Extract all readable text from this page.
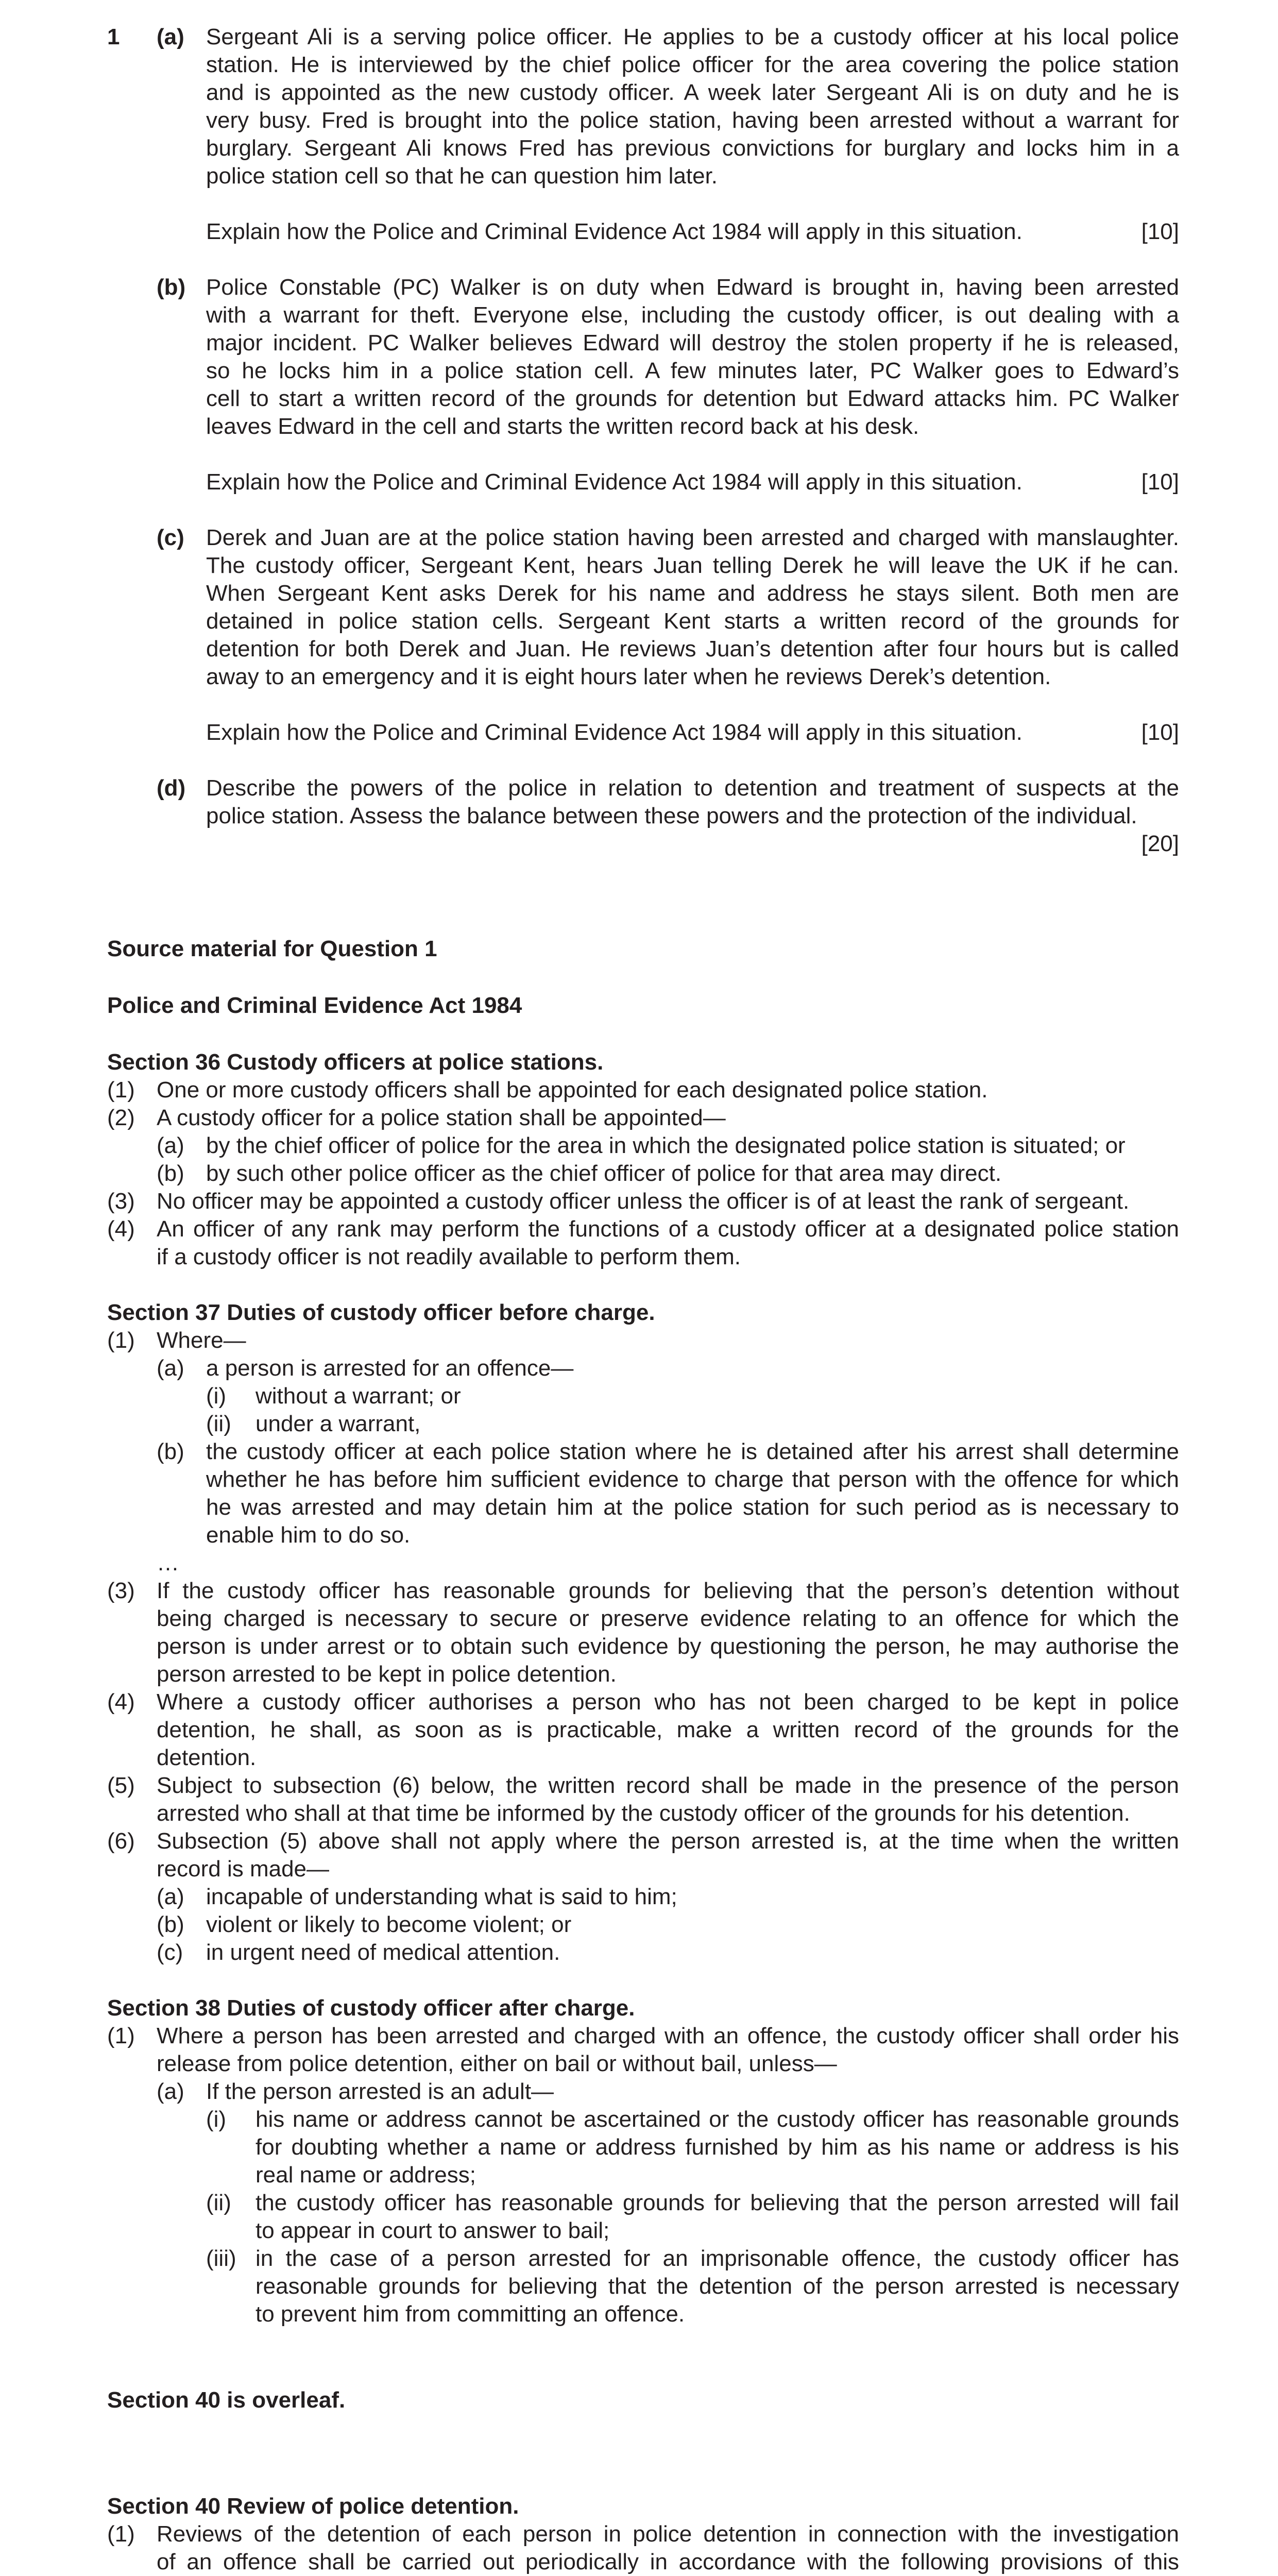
1 (a) Sergeant Ali is a serving police officer. He applies to be a custody officer at his local police
station. He is interviewed by the chief police officer for the area covering the police station
and is appointed as the new custody officer. A week later Sergeant Ali is on duty and he is
very busy. Fred is brought into the police station, having been arrested without a warrant for
burglary. Sergeant Ali knows Fred has previous convictions for burglary and locks him in a
police station cell so that he can question him later.
Explain how the Police and Criminal Evidence Act 1984 will apply in this situation.	[10]
(b) Police Constable (PC) Walker is on duty when Edward is brought in, having been arrested
with a warrant for theft. Everyone else, including the custody officer, is out dealing with a
major incident. PC Walker believes Edward will destroy the stolen property if he is released,
so he locks him in a police station cell. A few minutes later, PC Walker goes to Edward’s
cell to start a written record of the grounds for detention but Edward attacks him. PC Walker
leaves Edward in the cell and starts the written record back at his desk.
Explain how the Police and Criminal Evidence Act 1984 will apply in this situation.	[10]
(c) Derek and Juan are at the police station having been arrested and charged with manslaughter.
The custody officer, Sergeant Kent, hears Juan telling Derek he will leave the UK if he can.
When Sergeant Kent asks Derek for his name and address he stays silent. Both men are
detained in police station cells. Sergeant Kent starts a written record of the grounds for
detention for both Derek and Juan. He reviews Juan’s detention after four hours but is called
away to an emergency and it is eight hours later when he reviews Derek’s detention.
Explain how the Police and Criminal Evidence Act 1984 will apply in this situation.	[10]
(d) Describe the powers of the police in relation to detention and treatment of suspects at the
police station. Assess the balance between these powers and the protection of the individual.
[20]
Source material for Question 1
Police and Criminal Evidence Act 1984
Section 36 Custody officers at police stations.
(1) One or more custody officers shall be appointed for each designated police station.
(2) A custody officer for a police station shall be appointed—
(a) by the chief officer of police for the area in which the designated police station is situated; or
(b) by such other police officer as the chief officer of police for that area may direct.
(3) No officer may be appointed a custody officer unless the officer is of at least the rank of sergeant.
(4) An officer of any rank may perform the functions of a custody officer at a designated police station
if a custody officer is not readily available to perform them.
Section 37 Duties of custody officer before charge.
(1) Where—
(a) a person is arrested for an offence—
(i) without a warrant; or
(ii) under a warrant,
(b) the custody officer at each police station where he is detained after his arrest shall determine
whether he has before him sufficient evidence to charge that person with the offence for which
he was arrested and may detain him at the police station for such period as is necessary to
enable him to do so.
…
(3) If the custody officer has reasonable grounds for believing that the person’s detention without
being charged is necessary to secure or preserve evidence relating to an offence for which the
person is under arrest or to obtain such evidence by questioning the person, he may authorise the
person arrested to be kept in police detention.
(4) Where a custody officer authorises a person who has not been charged to be kept in police
detention, he shall, as soon as is practicable, make a written record of the grounds for the
detention.
(5) Subject to subsection (6) below, the written record shall be made in the presence of the person
arrested who shall at that time be informed by the custody officer of the grounds for his detention.
(6) Subsection (5) above shall not apply where the person arrested is, at the time when the written
record is made—
(a) incapable of understanding what is said to him;
(b) violent or likely to become violent; or
(c) in urgent need of medical attention.
Section 38 Duties of custody officer after charge.
(1) Where a person has been arrested and charged with an offence, the custody officer shall order his
release from police detention, either on bail or without bail, unless—
(a) If the person arrested is an adult—
(i) his name or address cannot be ascertained or the custody officer has reasonable grounds
for doubting whether a name or address furnished by him as his name or address is his
real name or address;
(ii) the custody officer has reasonable grounds for believing that the person arrested will fail
to appear in court to answer to bail;
(iii) in the case of a person arrested for an imprisonable offence, the custody officer has
reasonable grounds for believing that the detention of the person arrested is necessary
to prevent him from committing an offence.
Section 40 is overleaf.
Section 40 Review of police detention.
(1) Reviews of the detention of each person in police detention in connection with the investigation
of an offence shall be carried out periodically in accordance with the following provisions of this
